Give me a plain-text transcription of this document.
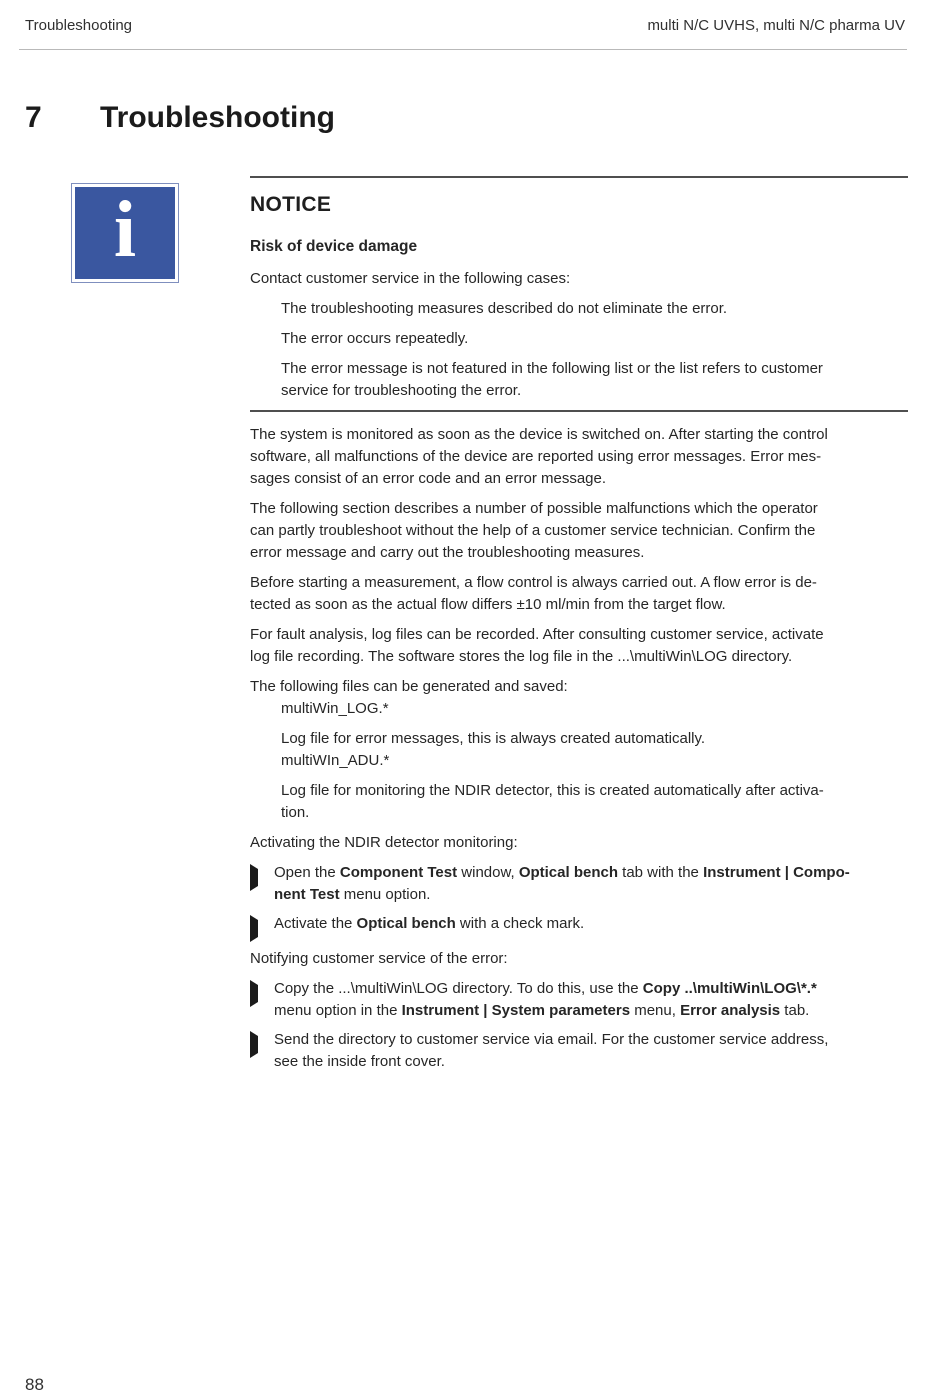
Troubleshooting	multi N/C UVHS, multi N/C pharma UV
7	Troubleshooting
i	NOTICE
Risk of device damage
Contact customer service in the following cases:
The troubleshooting measures described do not eliminate the error.
The error occurs repeatedly.
The error message is not featured in the following list or the list refers to customer
service for troubleshooting the error.
The system is monitored as soon as the device is switched on. After starting the control
software, all malfunctions of the device are reported using error messages. Error mes-
sages consist of an error code and an error message.
The following section describes a number of possible malfunctions which the operator
can partly troubleshoot without the help of a customer service technician. Confirm the
error message and carry out the troubleshooting measures.
Before starting a measurement, a flow control is always carried out. A flow error is de-
tected as soon as the actual flow differs ±10 ml/min from the target flow.
For fault analysis, log files can be recorded. After consulting customer service, activate
log file recording. The software stores the log file in the ...\multiWin\LOG directory.
The following files can be generated and saved:
multiWin_LOG.*
Log file for error messages, this is always created automatically.
multiWIn_ADU.*
Log file for monitoring the NDIR detector, this is created automatically after activa-
tion.
Activating the NDIR detector monitoring:
Open the Component Test window, Optical bench tab with the Instrument | Compo-
nent Test menu option.
Activate the Optical bench with a check mark.
Notifying customer service of the error:
Copy the ...\multiWin\LOG directory. To do this, use the Copy ..\multiWin\LOG\*.*
menu option in the Instrument | System parameters menu, Error analysis tab.
Send the directory to customer service via email. For the customer service address,
see the inside front cover.
88
